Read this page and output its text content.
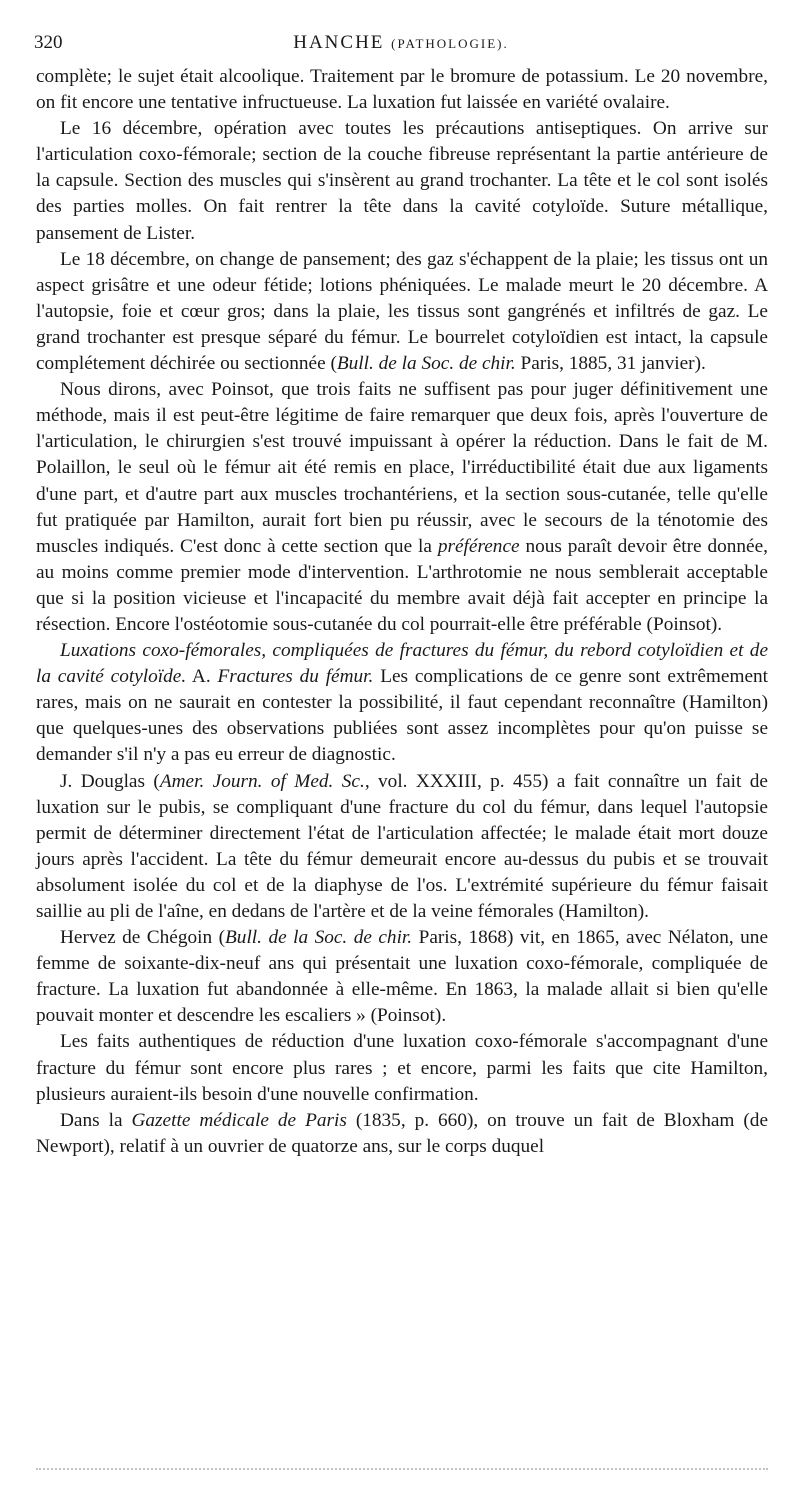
320	HANCHE (PATHOLOGIE).

complète; le sujet était alcoolique. Traitement par le bromure de potassium. Le 20 novembre, on fit encore une tentative infructueuse. La luxation fut laissée en variété ovalaire.

Le 16 décembre, opération avec toutes les précautions antiseptiques. On arrive sur l'articulation coxo-fémorale; section de la couche fibreuse représentant la partie antérieure de la capsule. Section des muscles qui s'insèrent au grand trochanter. La tête et le col sont isolés des parties molles. On fait rentrer la tête dans la cavité cotyloïde. Suture métallique, pansement de Lister.

Le 18 décembre, on change de pansement; des gaz s'échappent de la plaie; les tissus ont un aspect grisâtre et une odeur fétide; lotions phéniquées. Le malade meurt le 20 décembre. A l'autopsie, foie et cœur gros; dans la plaie, les tissus sont gangrénés et infiltrés de gaz. Le grand trochanter est presque séparé du fémur. Le bourrelet cotyloïdien est intact, la capsule complétement déchirée ou sectionnée (Bull. de la Soc. de chir. Paris, 1885, 31 janvier).

Nous dirons, avec Poinsot, que trois faits ne suffisent pas pour juger définitivement une méthode, mais il est peut-être légitime de faire remarquer que deux fois, après l'ouverture de l'articulation, le chirurgien s'est trouvé impuissant à opérer la réduction. Dans le fait de M. Polaillon, le seul où le fémur ait été remis en place, l'irréductibilité était due aux ligaments d'une part, et d'autre part aux muscles trochantériens, et la section sous-cutanée, telle qu'elle fut pratiquée par Hamilton, aurait fort bien pu réussir, avec le secours de la ténotomie des muscles indiqués. C'est donc à cette section que la préférence nous paraît devoir être donnée, au moins comme premier mode d'intervention. L'arthrotomie ne nous semblerait acceptable que si la position vicieuse et l'incapacité du membre avait déjà fait accepter en principe la résection. Encore l'ostéotomie sous-cutanée du col pourrait-elle être préférable (Poinsot).

Luxations coxo-fémorales, compliquées de fractures du fémur, du rebord cotyloïdien et de la cavité cotyloïde. A. Fractures du fémur. Les complications de ce genre sont extrêmement rares, mais on ne saurait en contester la possibilité, il faut cependant reconnaître (Hamilton) que quelques-unes des observations publiées sont assez incomplètes pour qu'on puisse se demander s'il n'y a pas eu erreur de diagnostic.

J. Douglas (Amer. Journ. of Med. Sc., vol. XXXIII, p. 455) a fait connaître un fait de luxation sur le pubis, se compliquant d'une fracture du col du fémur, dans lequel l'autopsie permit de déterminer directement l'état de l'articulation affectée; le malade était mort douze jours après l'accident. La tête du fémur demeurait encore au-dessus du pubis et se trouvait absolument isolée du col et de la diaphyse de l'os. L'extrémité supérieure du fémur faisait saillie au pli de l'aîne, en dedans de l'artère et de la veine fémorales (Hamilton).

Hervez de Chégoin (Bull. de la Soc. de chir. Paris, 1868) vit, en 1865, avec Nélaton, une femme de soixante-dix-neuf ans qui présentait une luxation coxo-fémorale, compliquée de fracture. La luxation fut abandonnée à elle-même. En 1863, la malade allait si bien qu'elle pouvait monter et descendre les escaliers » (Poinsot).

Les faits authentiques de réduction d'une luxation coxo-fémorale s'accompagnant d'une fracture du fémur sont encore plus rares ; et encore, parmi les faits que cite Hamilton, plusieurs auraient-ils besoin d'une nouvelle confirmation.

Dans la Gazette médicale de Paris (1835, p. 660), on trouve un fait de Bloxham (de Newport), relatif à un ouvrier de quatorze ans, sur le corps duquel
